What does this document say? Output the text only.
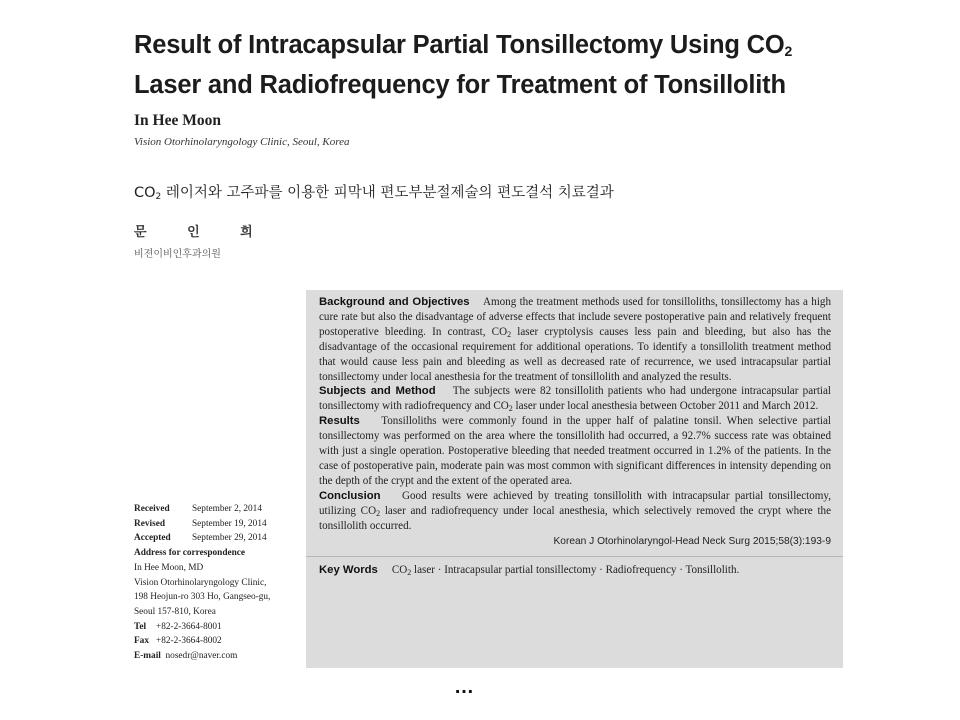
Result of Intracapsular Partial Tonsillectomy Using $CO_2$
Laser and Radiofrequency for Treatment of Tonsillolith
In Hee Moon
Vision Otorhinolaryngology Clinic, Seoul, Korea
$CO_2$ 레이저와 고주파를 이용한 피막내 편도부분절제술의 편도결석 치료결과
문 인 희
비젼이비인후과의원
Received September 2, 2014
Revised	September 19, 2014
Accepted September 29, 2014
Address for correspondence
In Hee Moon, MD
Vision Otorhinolaryngology Clinic,
198 Heojun-ro 303 Ho, Gangseo-gu,
Seoul 157-810, Korea
Tel +82-2-3664-8001
Fax +82-2-3664-8002
E-mail nosedr@naver.com
Background and Objectives Among the treatment methods used for tonsilloliths, tonsillectomy has a high cure rate but also the disadvantage of adverse effects that include severe postoperative pain and relatively frequent postoperative bleeding. In contrast, $CO_2$ laser cryptolysis causes less pain and bleeding, but also has the disadvantage of the occasional requirement for additional operations. To identify a tonsillolith treatment method that would cause less pain and bleeding as well as decreased rate of recurrence, we used intracapsular partial tonsillectomy under local anesthesia for the treatment of tonsillolith and analyzed the results.
Subjects and Method The subjects were 82 tonsillolith patients who had undergone intracapsular partial tonsillectomy with radiofrequency and $CO_2$ laser under local anesthesia between October 2011 and March 2012.
Results Tonsilloliths were commonly found in the upper half of palatine tonsil. When selective partial tonsillectomy was performed on the area where the tonsillolith had occurred, a 92.7% success rate was obtained with just a single operation. Postoperative bleeding that needed treatment occurred in 1.2% of the patients. In the case of postoperative pain, moderate pain was most common with significant differences in intensity depending on the depth of the crypt and the extent of the operated area.
Conclusion Good results were achieved by treating tonsillolith with intracapsular partial tonsillectomy, utilizing $CO_2$ laser and radiofrequency under local anesthesia, which selectively removed the crypt where the tonsillolith occurred.
Korean J Otorhinolaryngol-Head Neck Surg 2015;58(3):193-9
Key Words $CO_2$ laser · Intracapsular partial tonsillectomy · Radiofrequency · Tonsillolith.
…
